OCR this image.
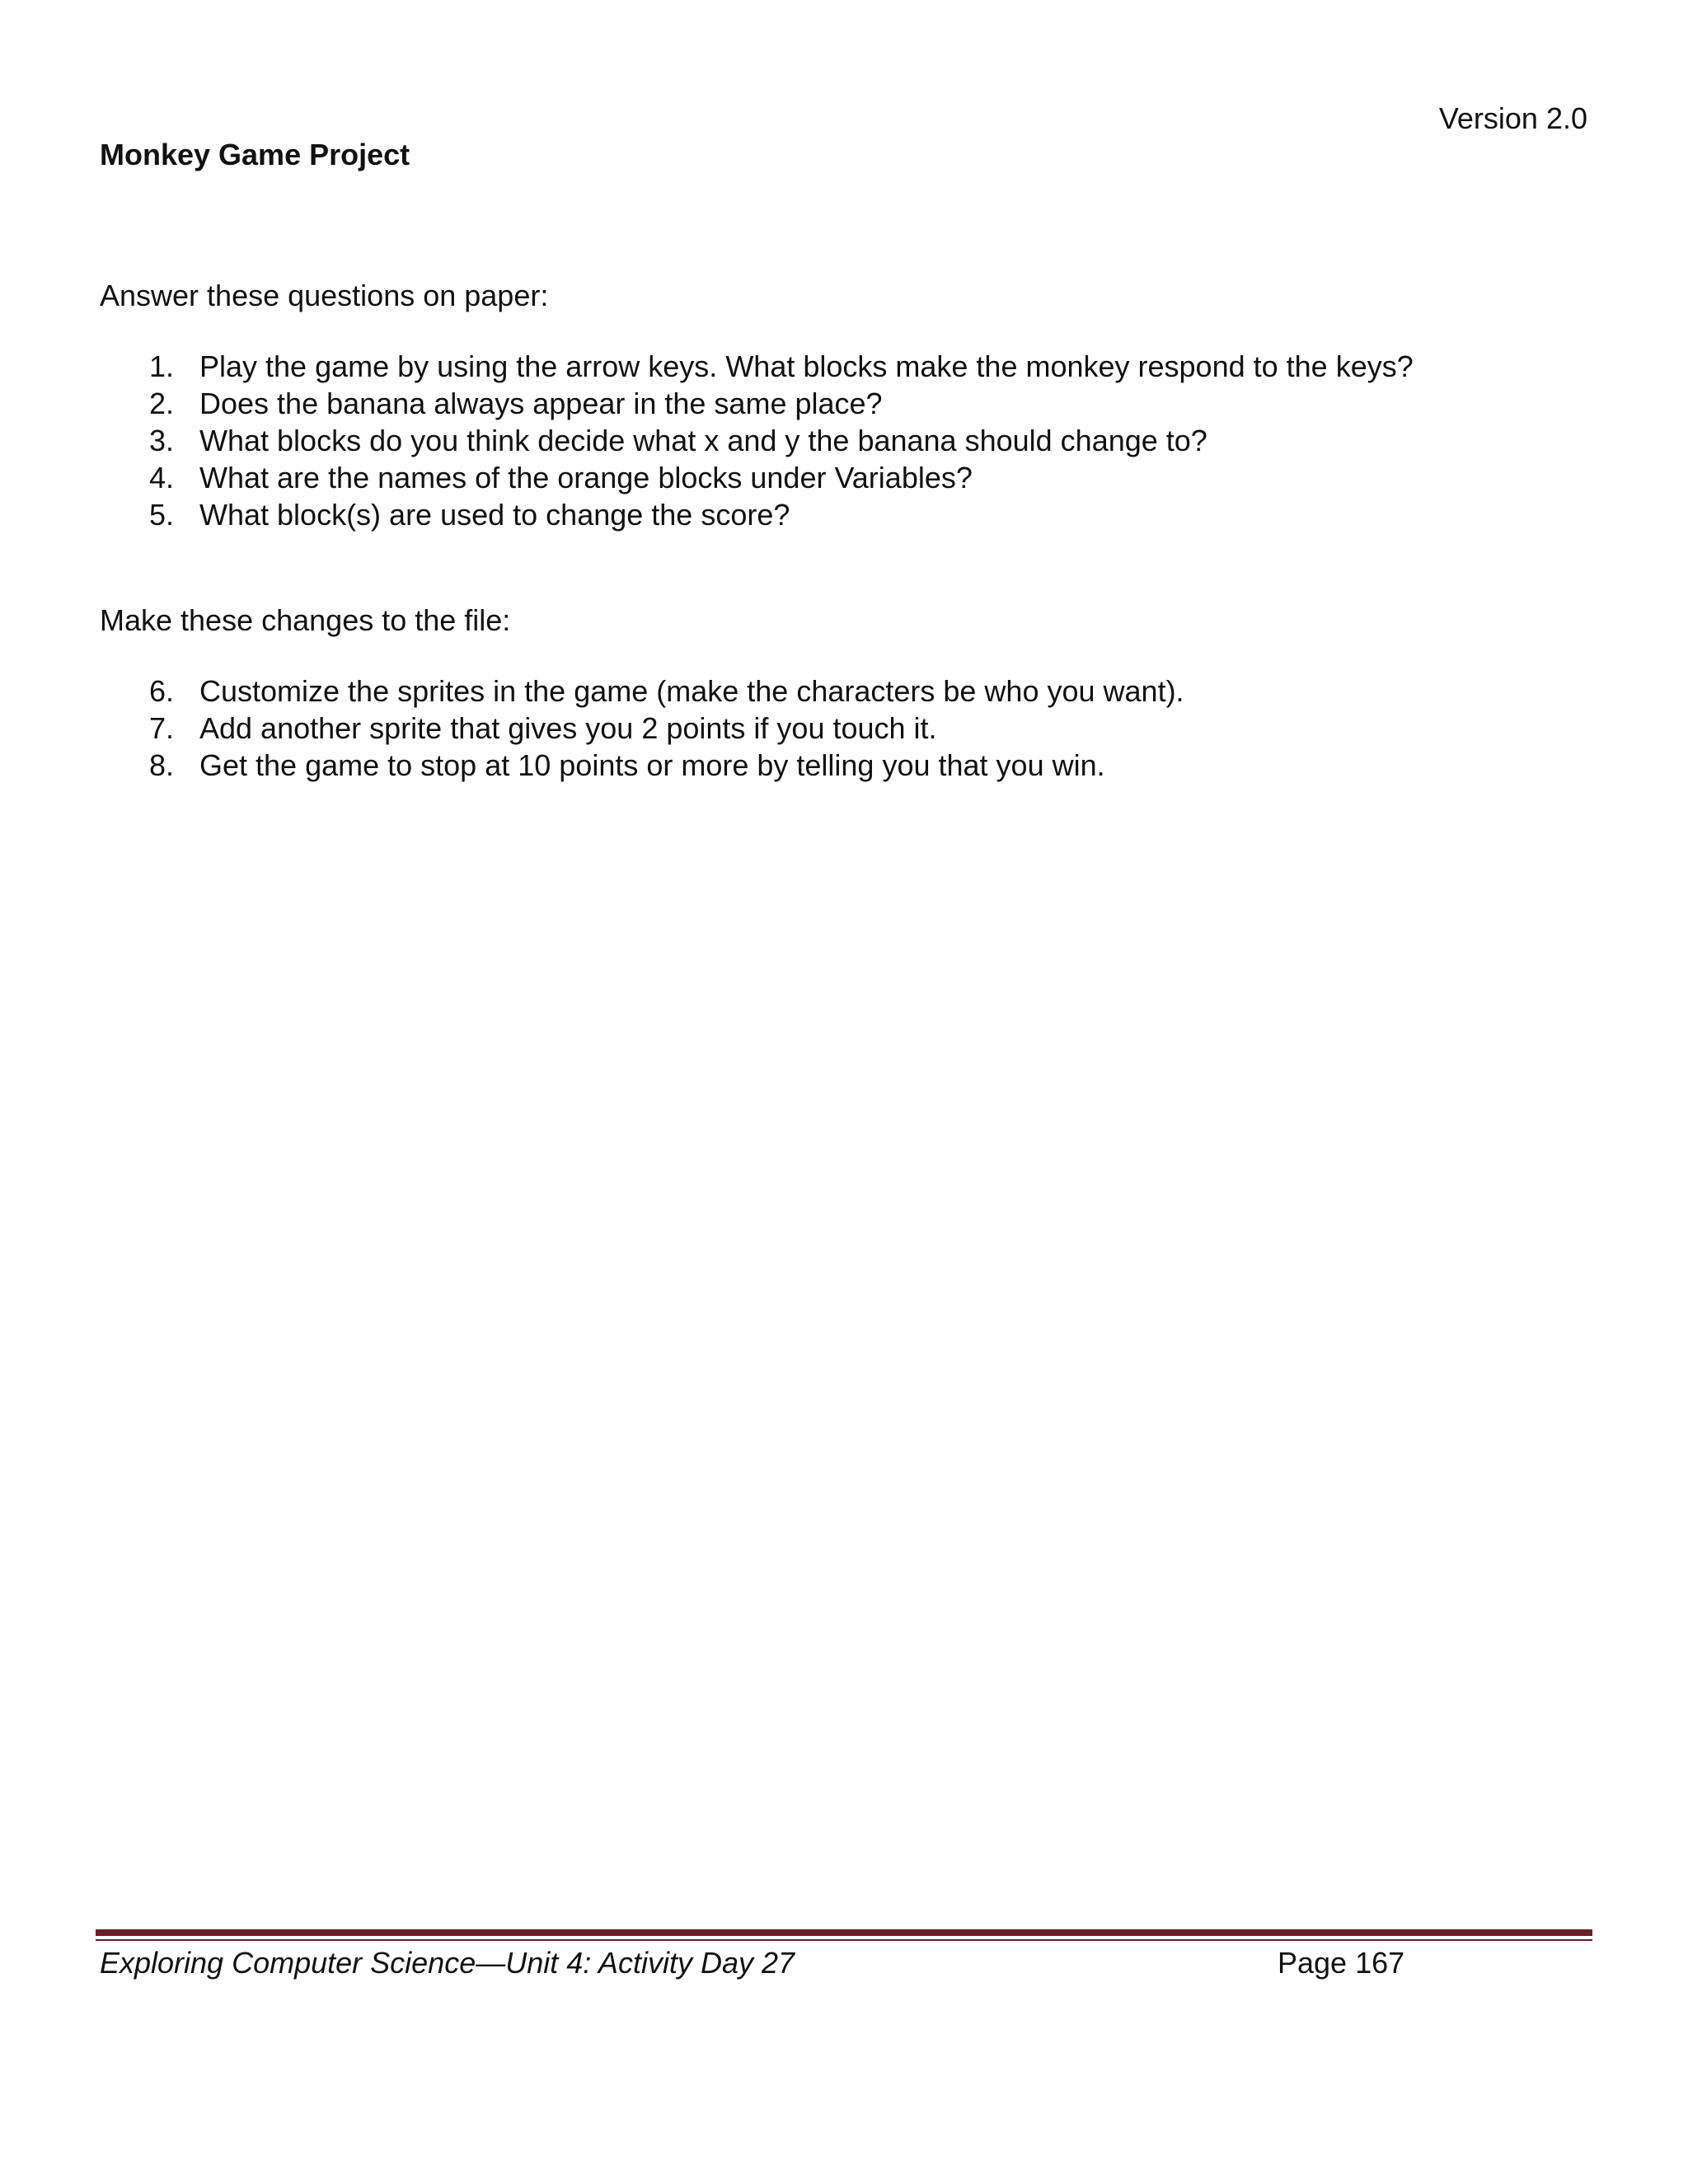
Version 2.0
Monkey Game Project
Answer these questions on paper:
1. Play the game by using the arrow keys. What blocks make the monkey respond to the keys?
2. Does the banana always appear in the same place?
3. What blocks do you think decide what x and y the banana should change to?
4. What are the names of the orange blocks under Variables?
5. What block(s) are used to change the score?
Make these changes to the file:
6. Customize the sprites in the game (make the characters be who you want).
7. Add another sprite that gives you 2 points if you touch it.
8. Get the game to stop at 10 points or more by telling you that you win.
Exploring Computer Science—Unit 4: Activity Day 27	Page 167
